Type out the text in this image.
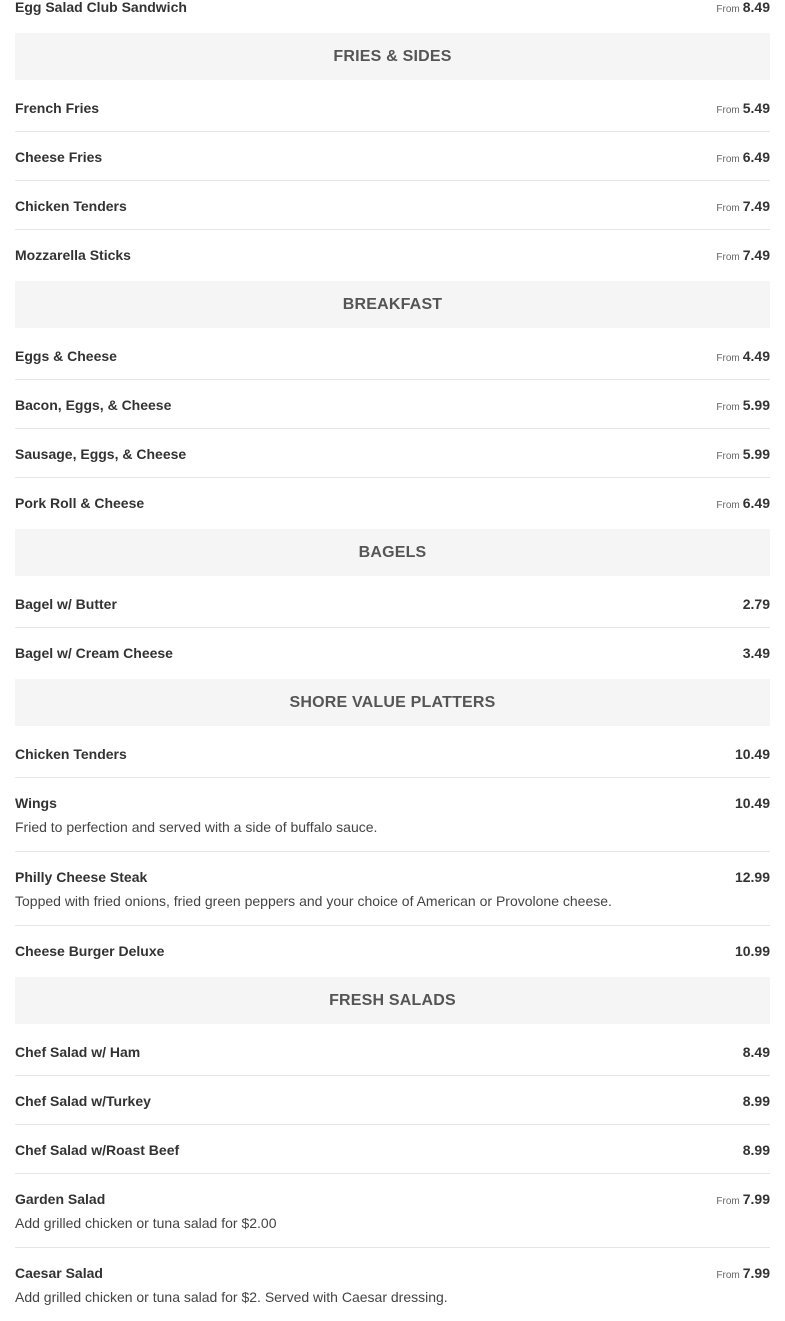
Egg Salad Club Sandwich	From 8.49
FRIES & SIDES
French Fries	From 5.49
Cheese Fries	From 6.49
Chicken Tenders	From 7.49
Mozzarella Sticks	From 7.49
BREAKFAST
Eggs & Cheese	From 4.49
Bacon, Eggs, & Cheese	From 5.99
Sausage, Eggs, & Cheese	From 5.99
Pork Roll & Cheese	From 6.49
BAGELS
Bagel w/ Butter	2.79
Bagel w/ Cream Cheese	3.49
SHORE VALUE PLATTERS
Chicken Tenders	10.49
Wings	10.49
Fried to perfection and served with a side of buffalo sauce.
Philly Cheese Steak	12.99
Topped with fried onions, fried green peppers and your choice of American or Provolone cheese.
Cheese Burger Deluxe	10.99
FRESH SALADS
Chef Salad w/ Ham	8.49
Chef Salad w/Turkey	8.99
Chef Salad w/Roast Beef	8.99
Garden Salad	From 7.99
Add grilled chicken or tuna salad for $2.00
Caesar Salad	From 7.99
Add grilled chicken or tuna salad for $2. Served with Caesar dressing.
